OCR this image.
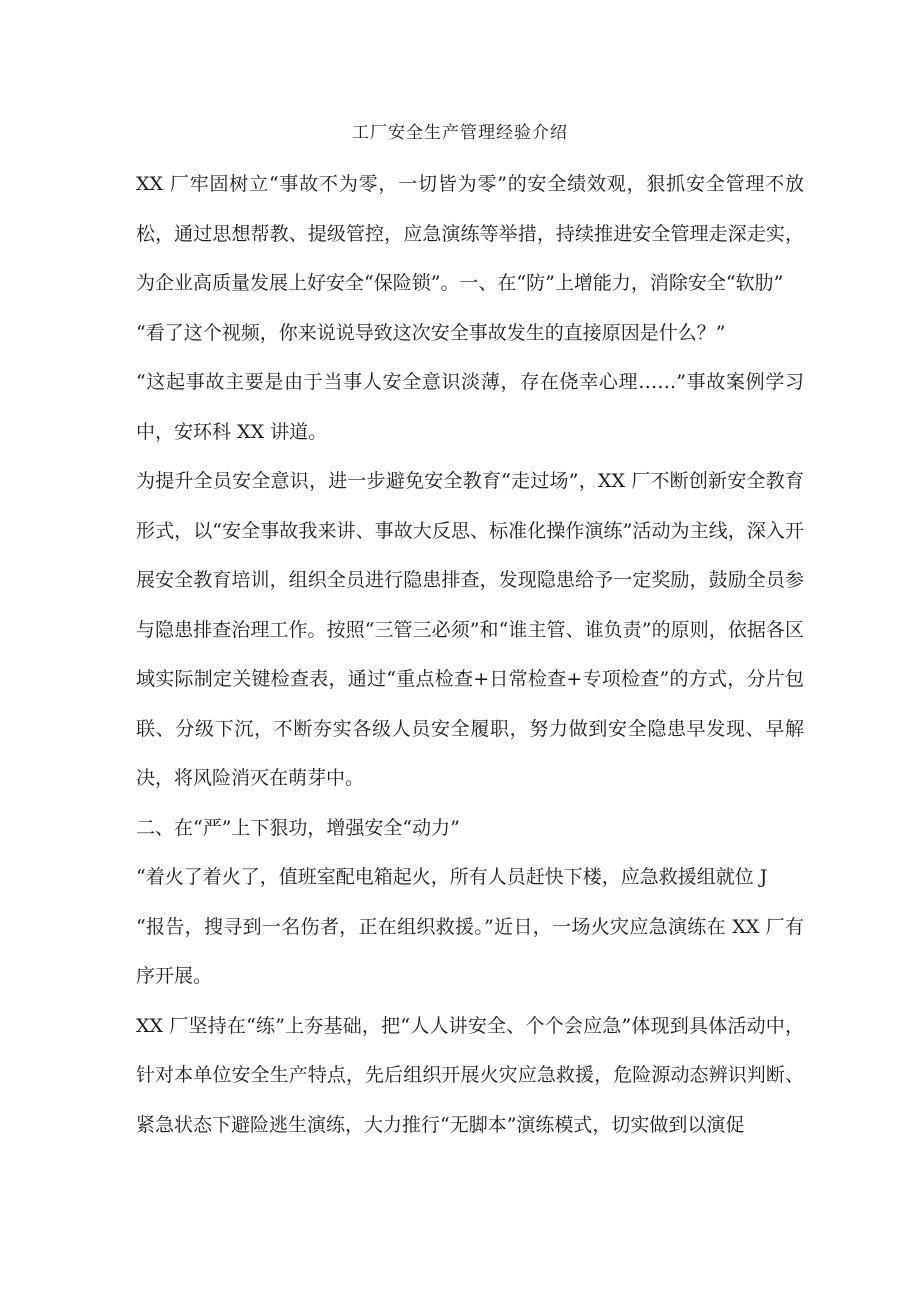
工厂安全生产管理经验介绍

XX 厂牢固树立“事故不为零，一切皆为零”的安全绩效观，狠抓安全管理不放松，通过思想帮教、提级管控，应急演练等举措，持续推进安全管理走深走实，为企业高质量发展上好安全“保险锁”。一、在“防”上增能力，消除安全“软肋”

“看了这个视频，你来说说导致这次安全事故发生的直接原因是什么？”

“这起事故主要是由于当事人安全意识淡薄，存在侥幸心理……”事故案例学习中，安环科 XX 讲道。

为提升全员安全意识，进一步避免安全教育“走过场”，XX 厂不断创新安全教育形式，以“安全事故我来讲、事故大反思、标准化操作演练”活动为主线，深入开展安全教育培训，组织全员进行隐患排查，发现隐患给予一定奖励，鼓励全员参与隐患排查治理工作。按照“三管三必须”和“谁主管、谁负责”的原则，依据各区域实际制定关键检查表，通过“重点检查+日常检查+专项检查”的方式，分片包联、分级下沉，不断夯实各级人员安全履职，努力做到安全隐患早发现、早解决，将风险消灭在萌芽中。

二、在“严”上下狠功，增强安全“动力”

“着火了着火了，值班室配电箱起火，所有人员赶快下楼，应急救援组就位 J

“报告，搜寻到一名伤者，正在组织救援。”近日，一场火灾应急演练在 XX 厂有序开展。

XX 厂坚持在“练”上夯基础，把“人人讲安全、个个会应急”体现到具体活动中，针对本单位安全生产特点，先后组织开展火灾应急救援，危险源动态辨识判断、紧急状态下避险逃生演练，大力推行“无脚本”演练模式，切实做到以演促
